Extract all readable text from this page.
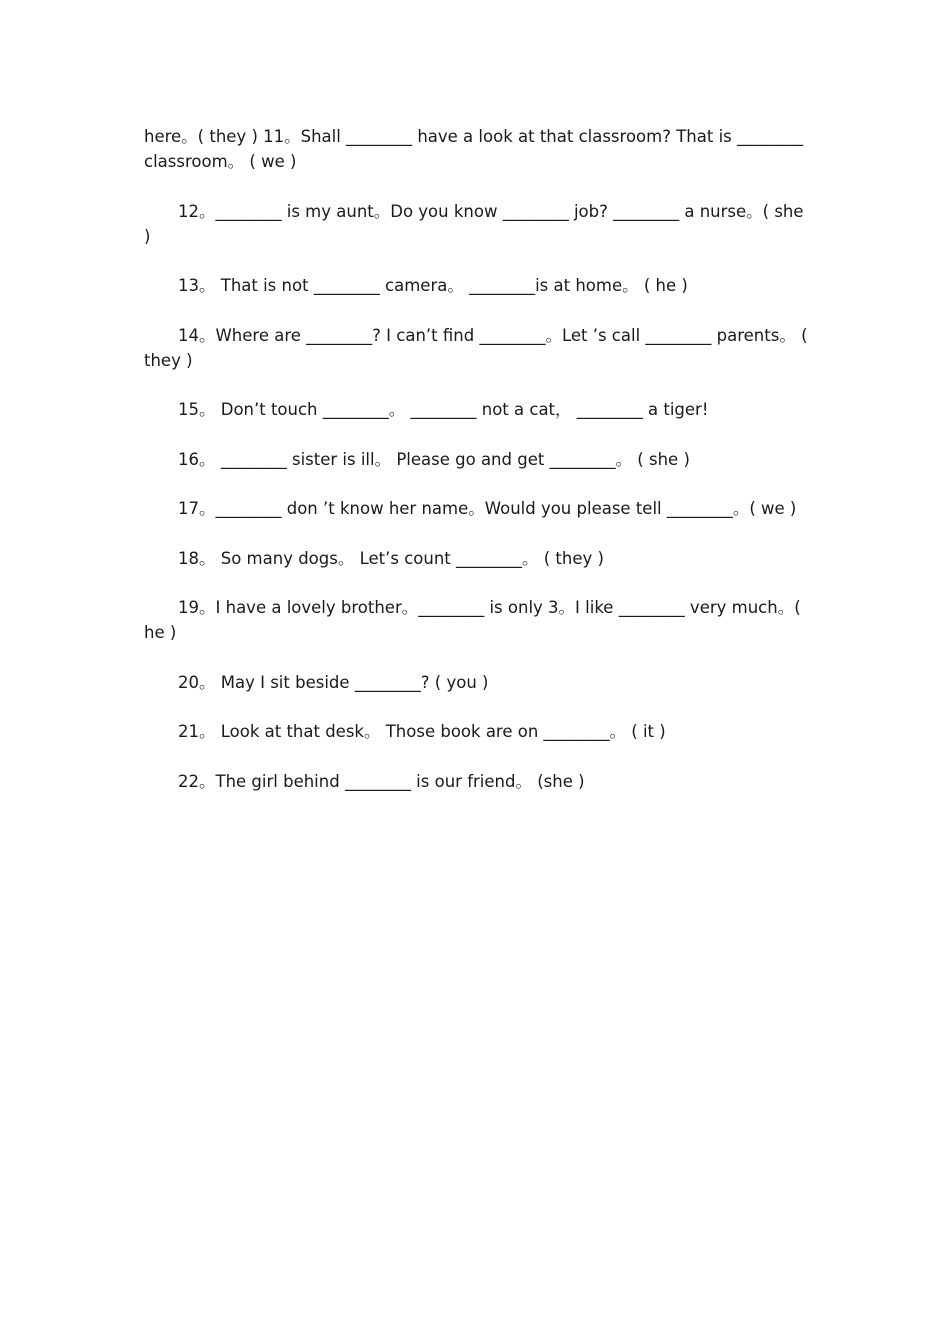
here。( they ) 11。Shall ________ have a look at that classroom? That is ________ classroom。 ( we )

12。________ is my aunt。Do you know ________ job? ________ a nurse。( she )

13。 That is not ________ camera。 ________is at home。 ( he )

14。Where are ________? I can’t find ________。Let ’s call ________ parents。 ( they )

15。 Don’t touch ________。 ________ not a cat， ________ a tiger!

16。 ________ sister is ill。 Please go and get ________。 ( she )

17。________ don ’t know her name。Would you please tell ________。( we )

18。 So many dogs。 Let’s count ________。 ( they )

19。I have a lovely brother。________ is only 3。I like ________ very much。( he )

20。 May I sit beside ________? ( you )

21。 Look at that desk。 Those book are on ________。 ( it )

22。The girl behind ________ is our friend。 (she )
